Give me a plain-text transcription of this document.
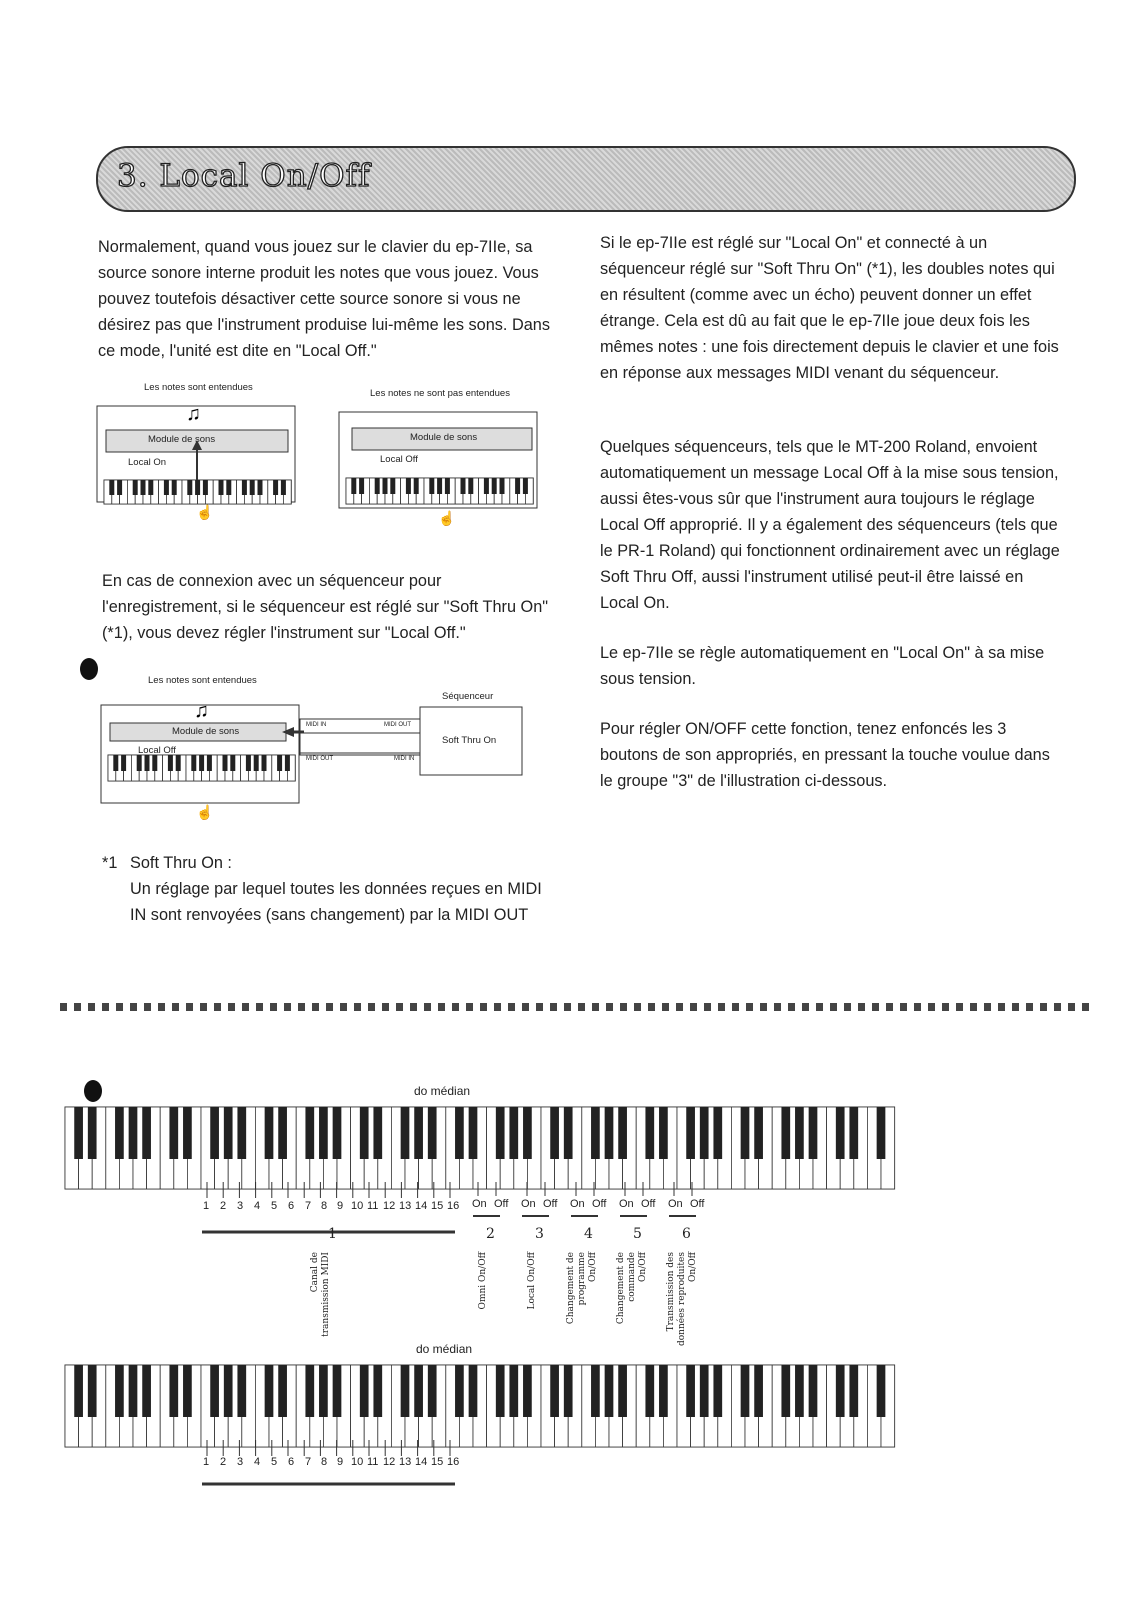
3. Local On/Off

Normalement, quand vous jouez sur le clavier du ep-7IIe, sa source sonore interne produit les notes que vous jouez. Vous pouvez toutefois désactiver cette source sonore si vous ne désirez pas que l'instrument produise lui-même les sons. Dans ce mode, l'unité est dite en "Local Off."

Les notes sont entendues
♫
☝
Module de sons
Local On
Les notes ne sont pas entendues
☝
Module de sons
Local Off

En cas de connexion avec un séquenceur pour l'enregistrement, si le séquenceur est réglé sur "Soft Thru On" (*1), vous devez régler l'instrument sur "Local Off."

Les notes sont entendues
♫
☝
Séquenceur
Soft Thru On
Module de sons
Local Off
MIDI IN	MIDI OUT
MIDI OUT	MIDI IN
*1 Soft Thru On :

Un réglage par lequel toutes les données reçues en MIDI IN sont renvoyées (sans changement) par la MIDI OUT

Si le ep-7IIe est réglé sur "Local On" et connecté à un séquenceur réglé sur "Soft Thru On" (*1), les doubles notes qui en résultent (comme avec un écho) peuvent donner un effet étrange. Cela est dû au fait que le ep-7IIe joue deux fois les mêmes notes : une fois directement depuis le clavier et une fois en réponse aux messages MIDI venant du séquenceur.

Quelques séquenceurs, tels que le MT-200 Roland, envoient automatiquement un message Local Off à la mise sous tension, aussi êtes-vous sûr que l'instrument aura toujours le réglage Local Off approprié. Il y a également des séquenceurs (tels que le PR-1 Roland) qui fonctionnent ordinairement avec un réglage Soft Thru Off, aussi l'instrument utilisé peut-il être laissé en Local On.

Le ep-7IIe se règle automatiquement en "Local On" à sa mise sous tension.

Pour régler ON/OFF cette fonction, tenez enfoncés les 3 boutons de son appropriés, en pressant la touche voulue dans le groupe "3" de l'illustration ci-dessous.

do médian
1 2 3 4 5 6 7 8 9 10 11 12 13 14 15 16 On Off On Off On Off On Off On Off
1	2	3	4	5	6
Canal de transmission MIDI	Omni On/Off	Local On/Off	Changement de programme On/Off Changement de commande On/Off Transmission des données reproduites On/Off
do médian
1 2 3 4 5 6 7 8 9 10 11 12 13 14 15 16
